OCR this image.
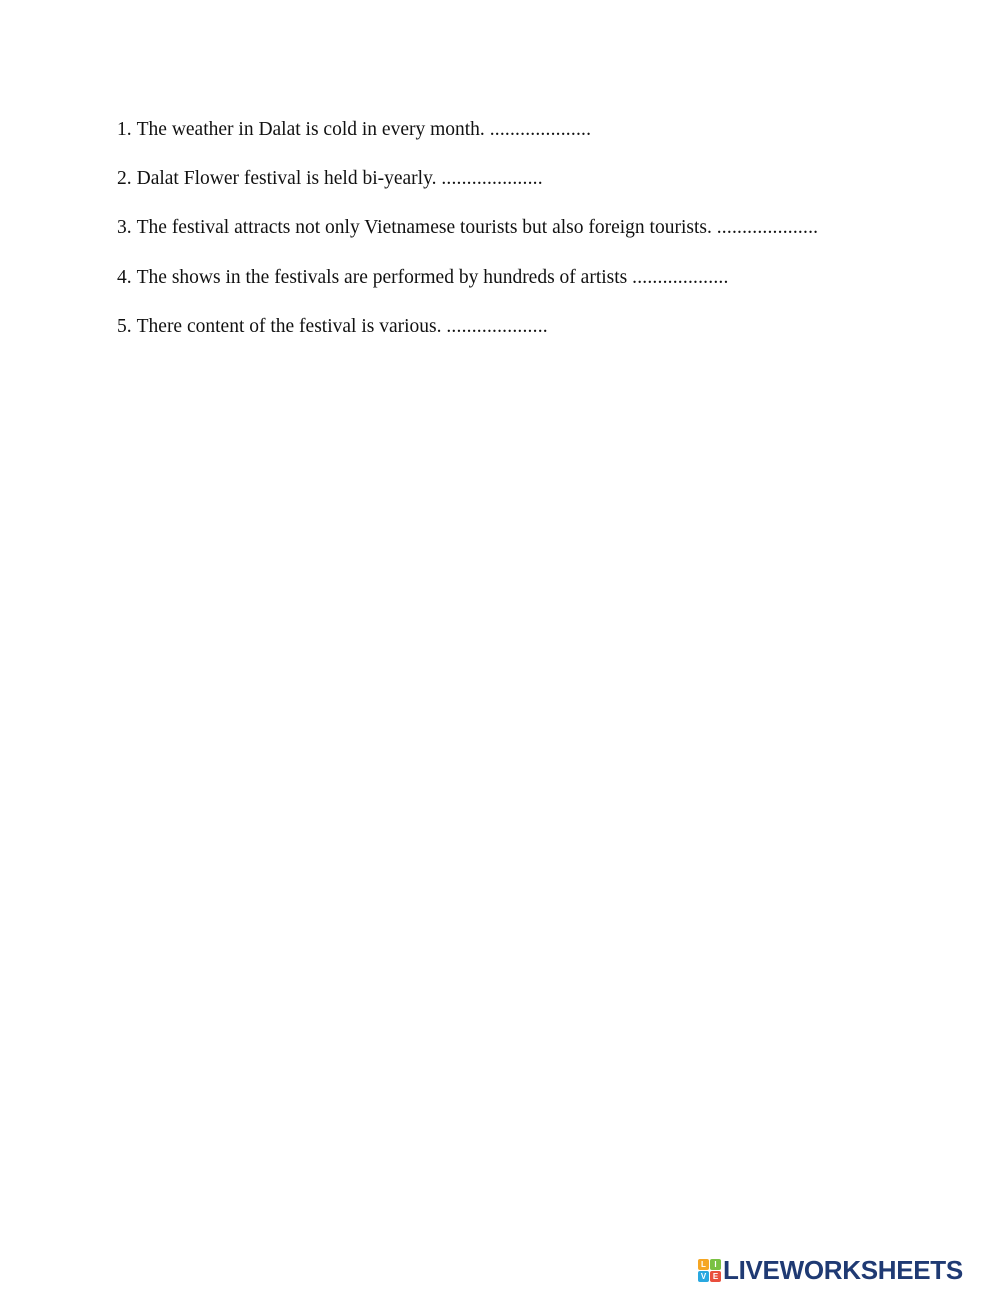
1. The weather in Dalat is cold in every month. ....................
2. Dalat Flower festival is held bi-yearly. ....................
3. The festival attracts not only Vietnamese tourists but also foreign tourists. ....................
4. The shows in the festivals are performed by hundreds of artists ...................
5. There content of the festival is various. ....................
L	I
V E LIVEWORKSHEETS
